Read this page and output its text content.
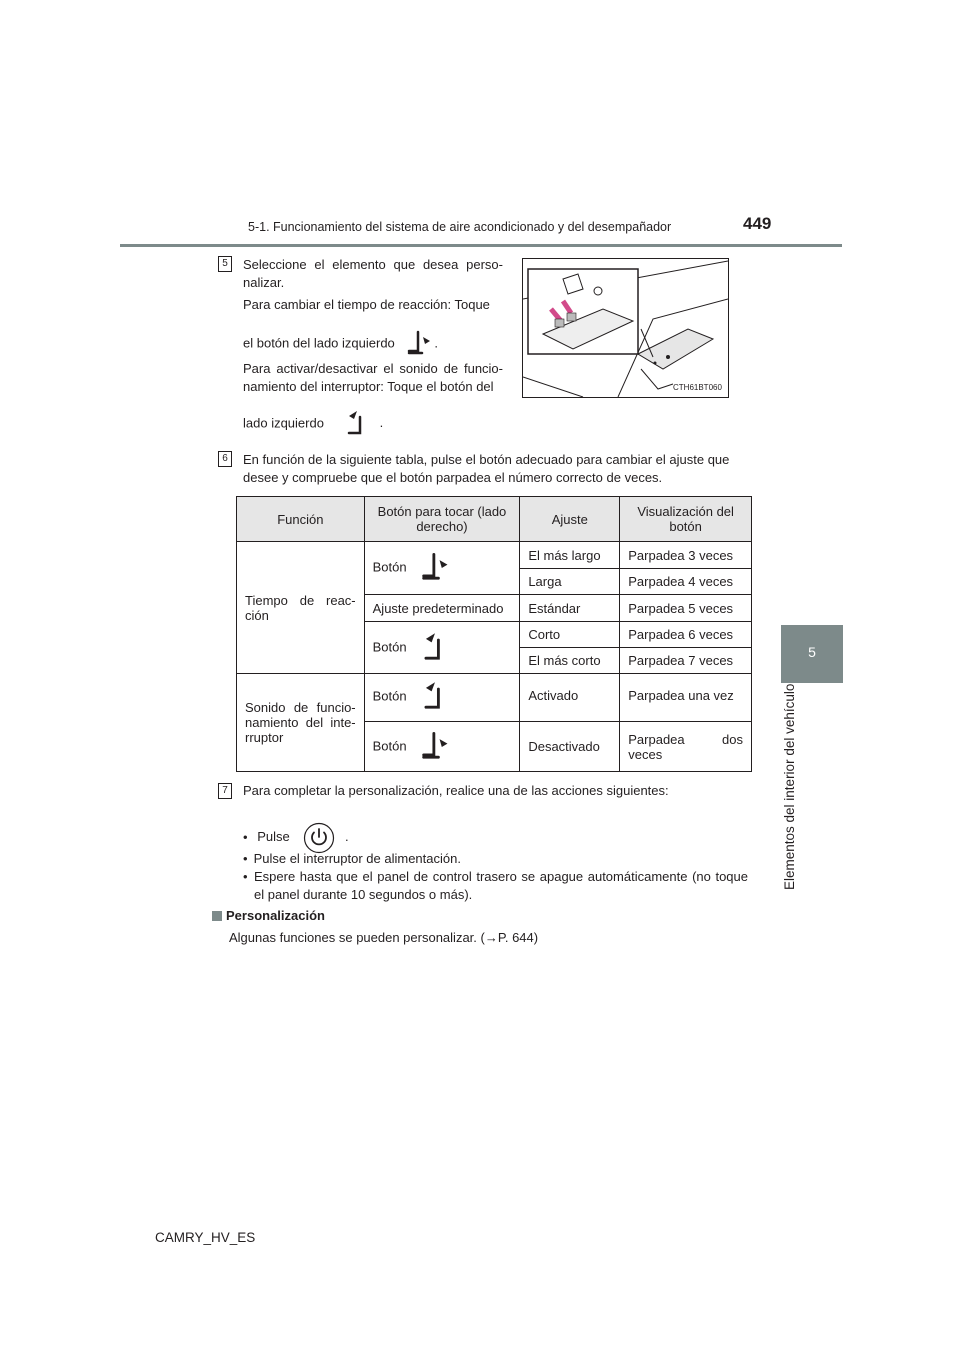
5-1. Funcionamiento del sistema de aire acondicionado y del desempañador	449
5
Elementos del interior del vehículo
5	Seleccione el elemento que desea perso-nalizar.
Para cambiar el tiempo de reacción: Toque
el botón del lado izquierdo	.
Para activar/desactivar el sonido de funcio-namiento del interruptor: Toque el botón del
lado izquierdo	.
CTH61BT060
6	En función de la siguiente tabla, pulse el botón adecuado para cambiar el ajuste que desee y compruebe que el botón parpadea el número correcto de veces.
Función	Botón para tocar (lado derecho)	Ajuste	Visualización del botón
Tiempo de reac-ción	Botón	El más largo	Parpadea 3 veces
		Larga	Parpadea 4 veces
	Ajuste predeterminado	Estándar	Parpadea 5 veces
	Botón	Corto	Parpadea 6 veces
		El más corto	Parpadea 7 veces
Sonido de funcio-namiento del inte-rruptor	Botón	Activado	Parpadea una vez
	Botón	Desactivado	Parpadea dos veces
7	Para completar la personalización, realice una de las acciones siguientes:
• Pulse	.
• Pulse el interruptor de alimentación.
• Espere hasta que el panel de control trasero se apague automáticamente (no toque el panel durante 10 segundos o más).
Personalización
Algunas funciones se pueden personalizar. (→P. 644)
CAMRY_HV_ES
